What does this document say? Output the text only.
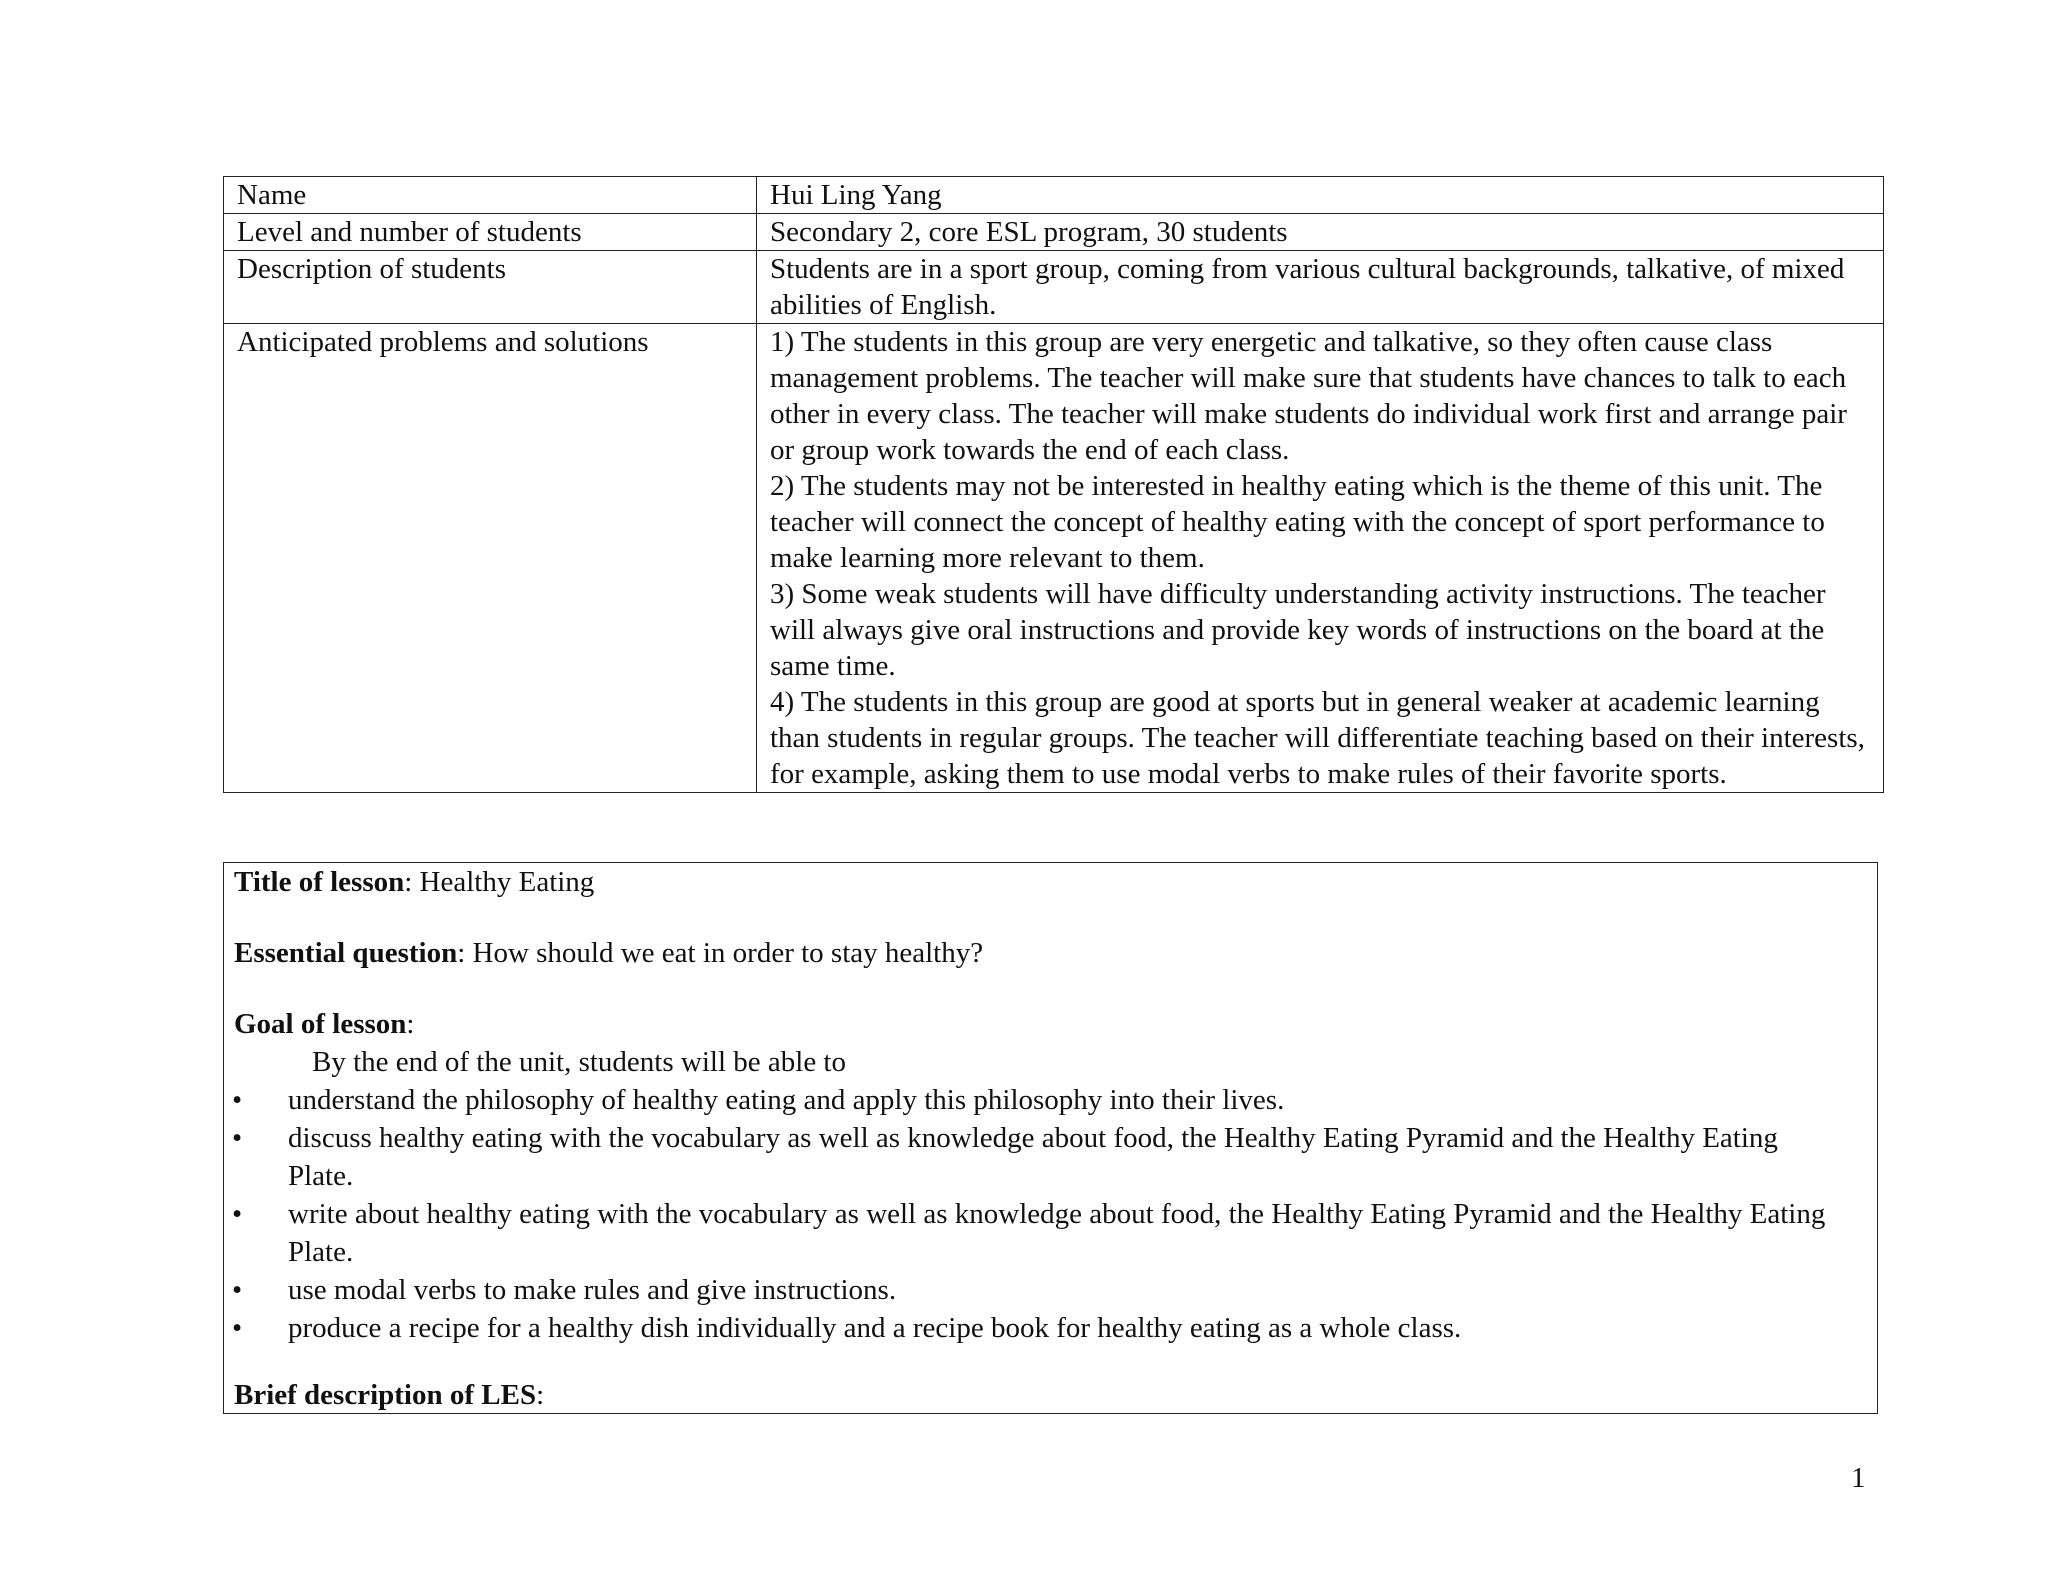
Name	Hui Ling Yang
Level and number of students	Secondary 2, core ESL program, 30 students
Description of students	Students are in a sport group, coming from various cultural backgrounds, talkative, of mixed abilities of English.
Anticipated problems and solutions	1) The students in this group are very energetic and talkative, so they often cause class management problems. The teacher will make sure that students have chances to talk to each other in every class. The teacher will make students do individual work first and arrange pair or group work towards the end of each class.
2) The students may not be interested in healthy eating which is the theme of this unit. The teacher will connect the concept of healthy eating with the concept of sport performance to make learning more relevant to them.
3) Some weak students will have difficulty understanding activity instructions. The teacher will always give oral instructions and provide key words of instructions on the board at the same time.
4) The students in this group are good at sports but in general weaker at academic learning than students in regular groups. The teacher will differentiate teaching based on their interests, for example, asking them to use modal verbs to make rules of their favorite sports.
Title of lesson: Healthy Eating
Essential question: How should we eat in order to stay healthy?
Goal of lesson:
By the end of the unit, students will be able to
• understand the philosophy of healthy eating and apply this philosophy into their lives.
• discuss healthy eating with the vocabulary as well as knowledge about food, the Healthy Eating Pyramid and the Healthy Eating Plate.
• write about healthy eating with the vocabulary as well as knowledge about food, the Healthy Eating Pyramid and the Healthy Eating Plate.
• use modal verbs to make rules and give instructions.
• produce a recipe for a healthy dish individually and a recipe book for healthy eating as a whole class.
Brief description of LES:
1
